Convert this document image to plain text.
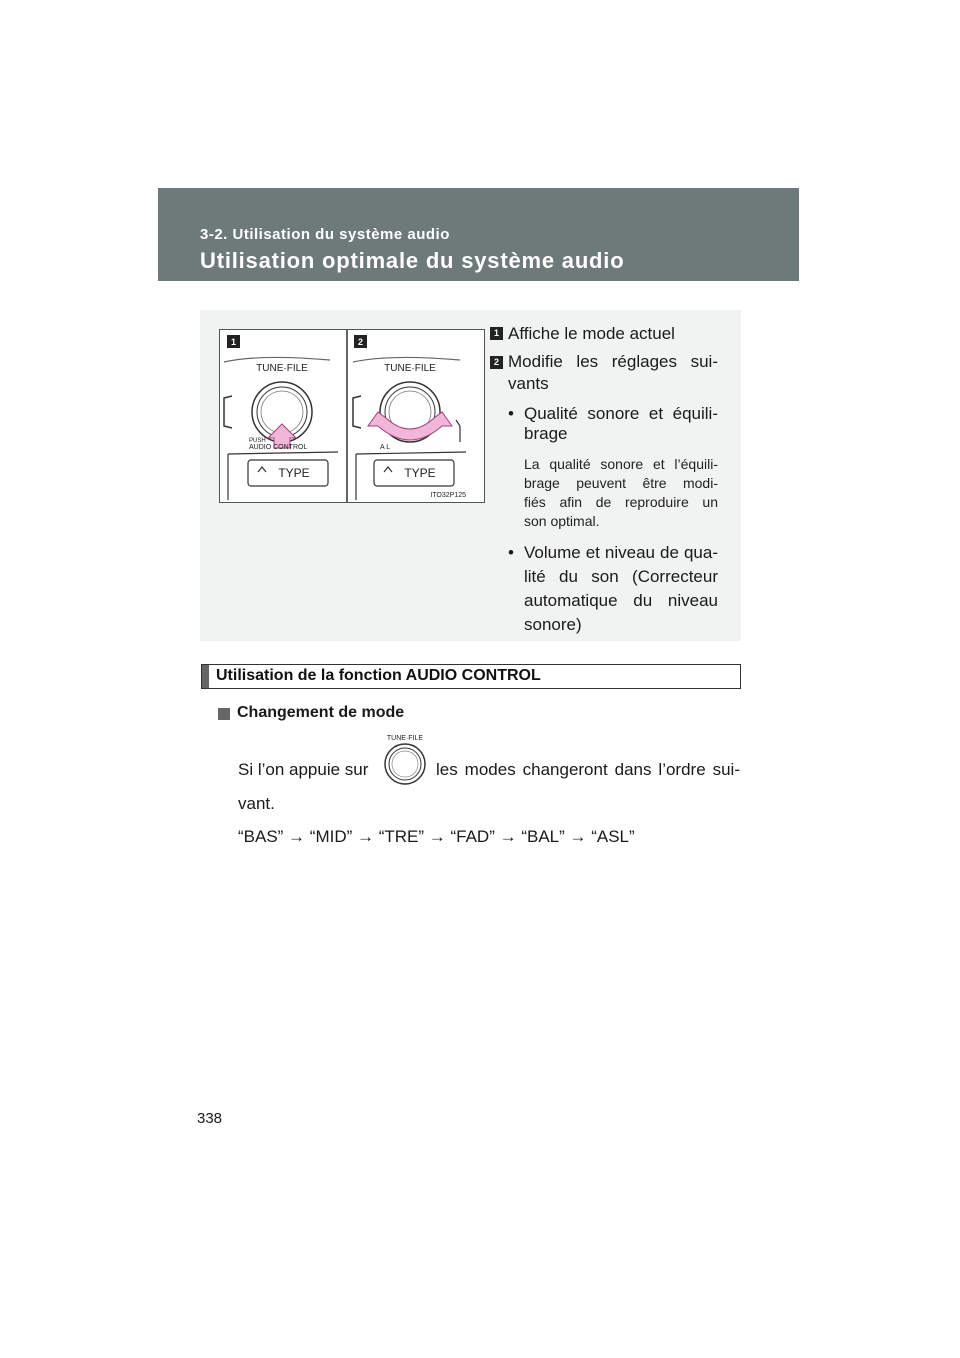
3-2. Utilisation du système audio
Utilisation optimale du système audio
1	2
TUNE·FILE
PUSH
AUDIO CONTROL
TYPE
TUNE·FILE
A L
TYPE
ITO32P125
1 Affiche le mode actuel
2 Modifie les réglages sui-
vants
• Qualité sonore et équili-
brage
La qualité sonore et l’équili-
brage peuvent être modi-
fiés afin de reproduire un
son optimal.
• Volume et niveau de qua-
lité du son (Correcteur
automatique du niveau
sonore)
Utilisation de la fonction AUDIO CONTROL
Changement de mode
Si l’on appuie sur
TUNE·FILE
les modes changeront dans l’ordre sui-
vant.
“BAS” → “MID” → “TRE” → “FAD” → “BAL” → “ASL”
338
